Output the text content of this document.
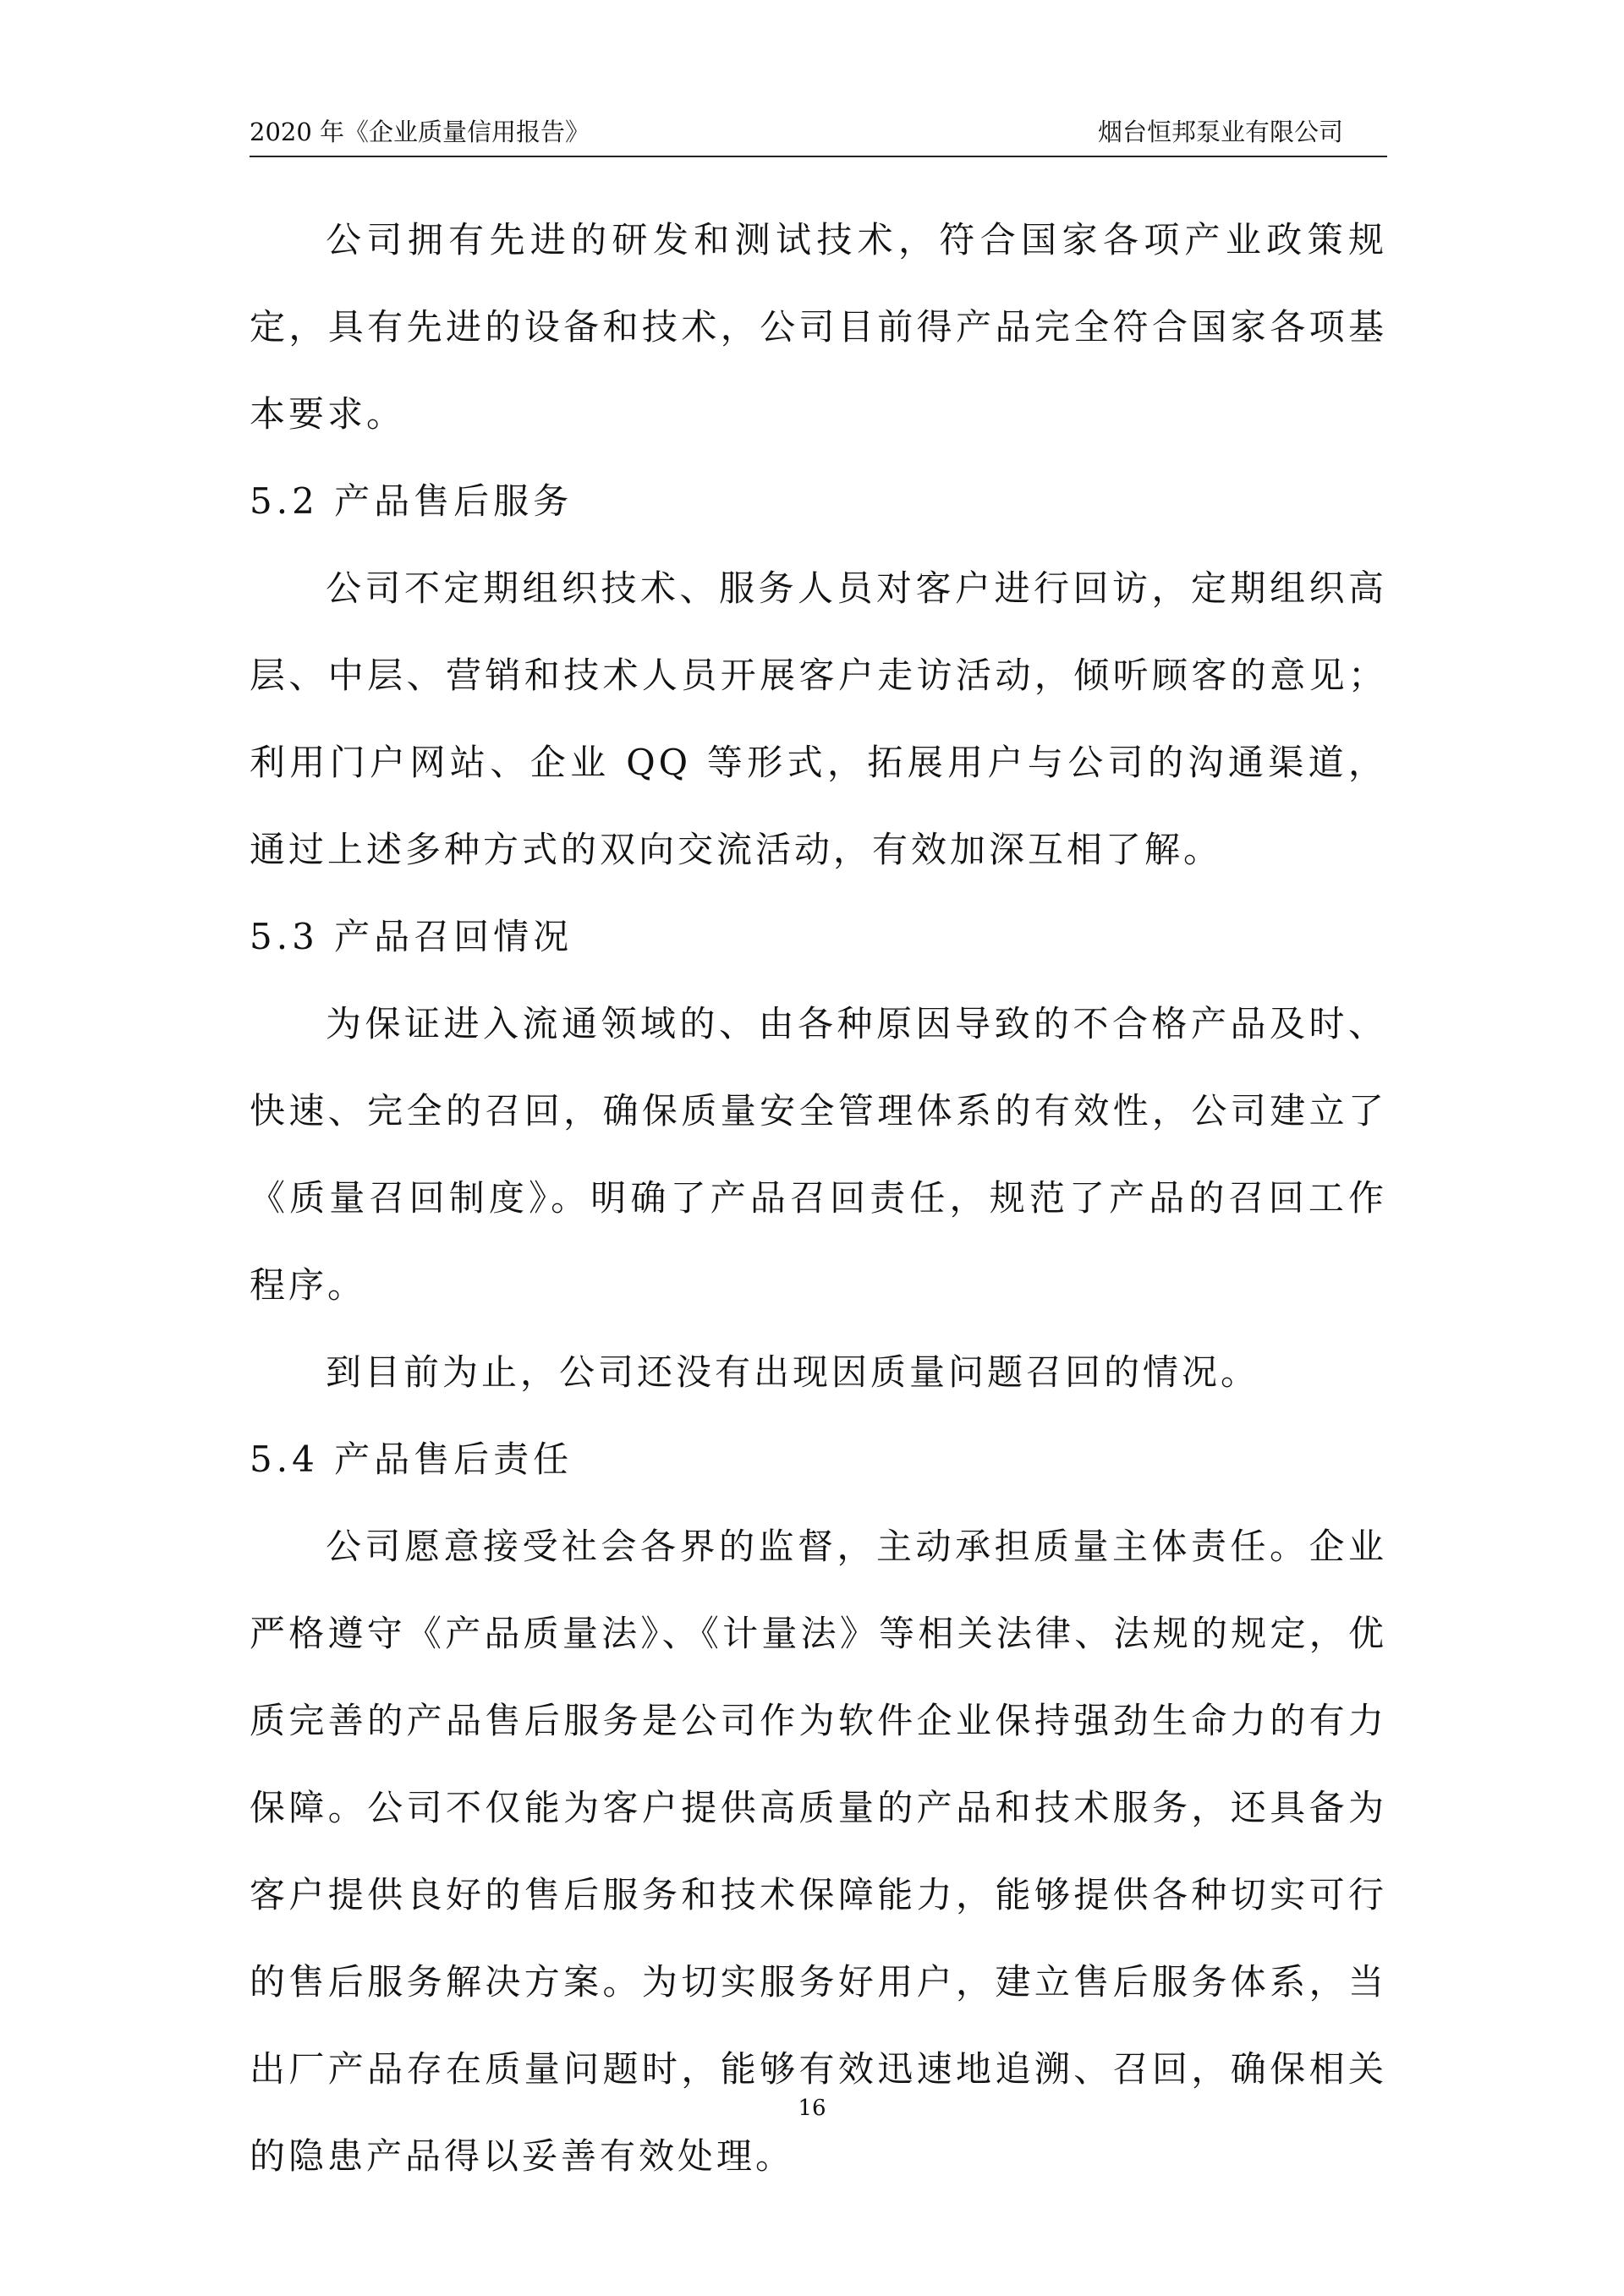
2020 年《企业质量信用报告》	烟台恒邦泵业有限公司

公司拥有先进的研发和测试技术，符合国家各项产业政策规定，具有先进的设备和技术，公司目前得产品完全符合国家各项基本要求。

5.2 产品售后服务

公司不定期组织技术、服务人员对客户进行回访，定期组织高层、中层、营销和技术人员开展客户走访活动，倾听顾客的意见；利用门户网站、企业 QQ 等形式，拓展用户与公司的沟通渠道，通过上述多种方式的双向交流活动，有效加深互相了解。

5.3 产品召回情况

为保证进入流通领域的、由各种原因导致的不合格产品及时、快速、完全的召回，确保质量安全管理体系的有效性，公司建立了《质量召回制度》。明确了产品召回责任，规范了产品的召回工作程序。

到目前为止，公司还没有出现因质量问题召回的情况。

5.4 产品售后责任

公司愿意接受社会各界的监督，主动承担质量主体责任。企业严格遵守《产品质量法》、《计量法》等相关法律、法规的规定，优质完善的产品售后服务是公司作为软件企业保持强劲生命力的有力保障。公司不仅能为客户提供高质量的产品和技术服务，还具备为客户提供良好的售后服务和技术保障能力，能够提供各种切实可行的售后服务解决方案。为切实服务好用户，建立售后服务体系，当出厂产品存在质量问题时，能够有效迅速地追溯、召回，确保相关的隐患产品得以妥善有效处理。

16
